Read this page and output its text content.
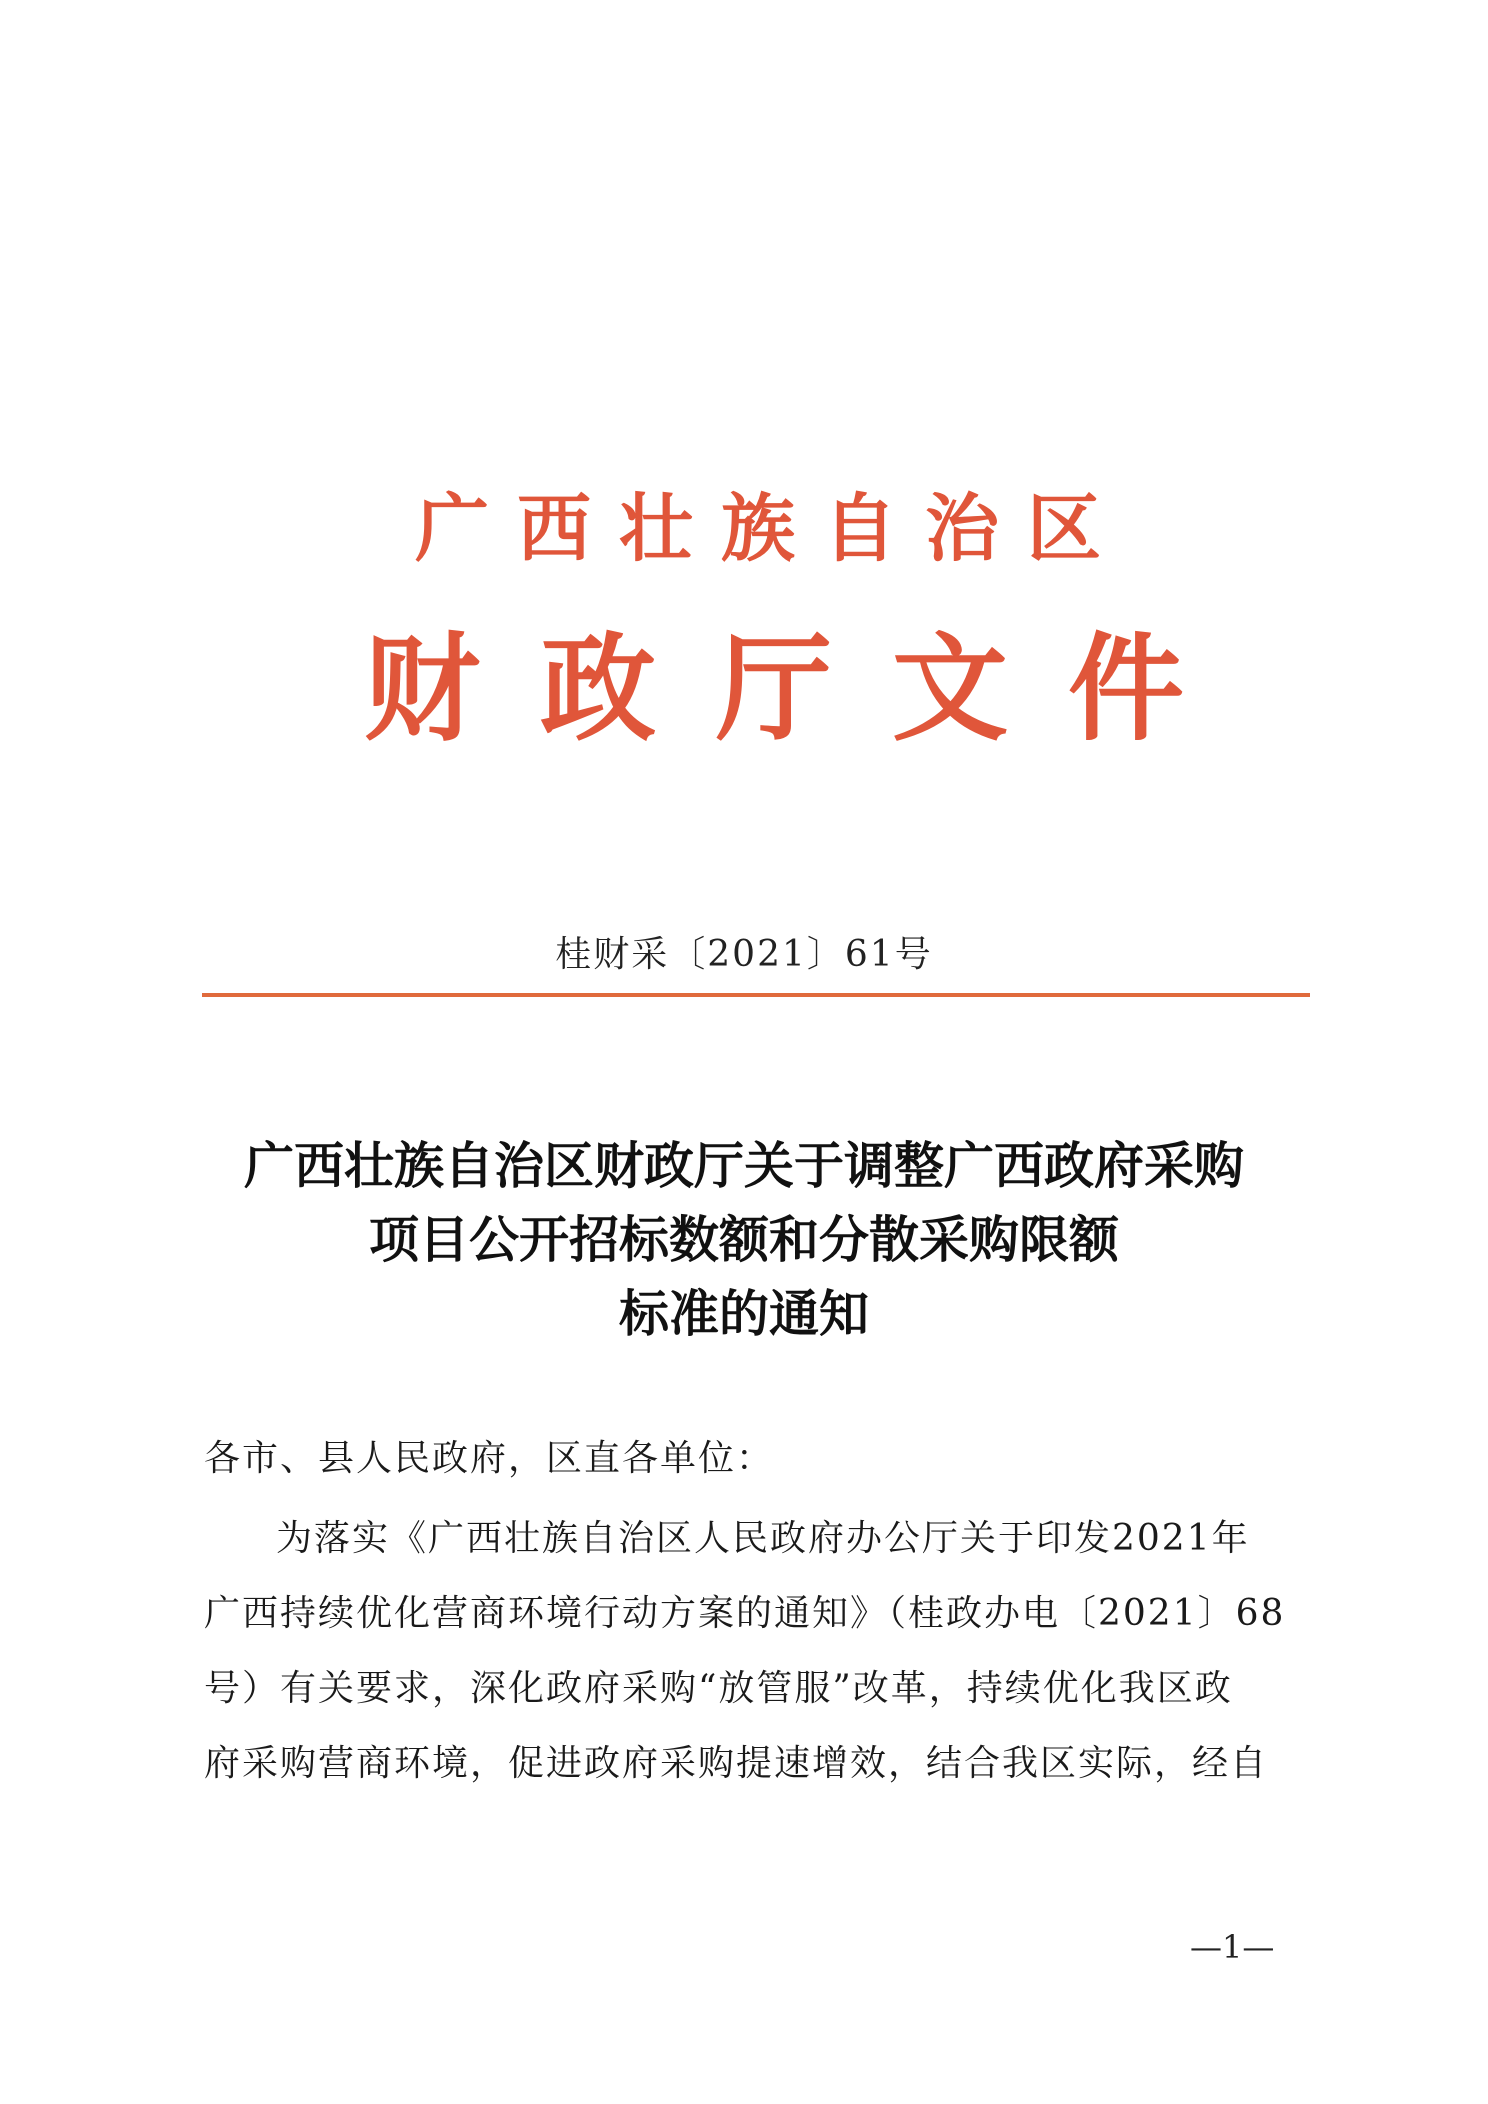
广西壮族自治区
财政厅文件
桂财采〔2021〕61号
广西壮族自治区财政厅关于调整广西政府采购
项目公开招标数额和分散采购限额
标准的通知
各市、县人民政府，区直各单位：
为落实《广西壮族自治区人民政府办公厅关于印发2021年
广西持续优化营商环境行动方案的通知》（桂政办电〔2021〕68
号）有关要求，深化政府采购“放管服”改革，持续优化我区政
府采购营商环境，促进政府采购提速增效，结合我区实际，经自
—1—
